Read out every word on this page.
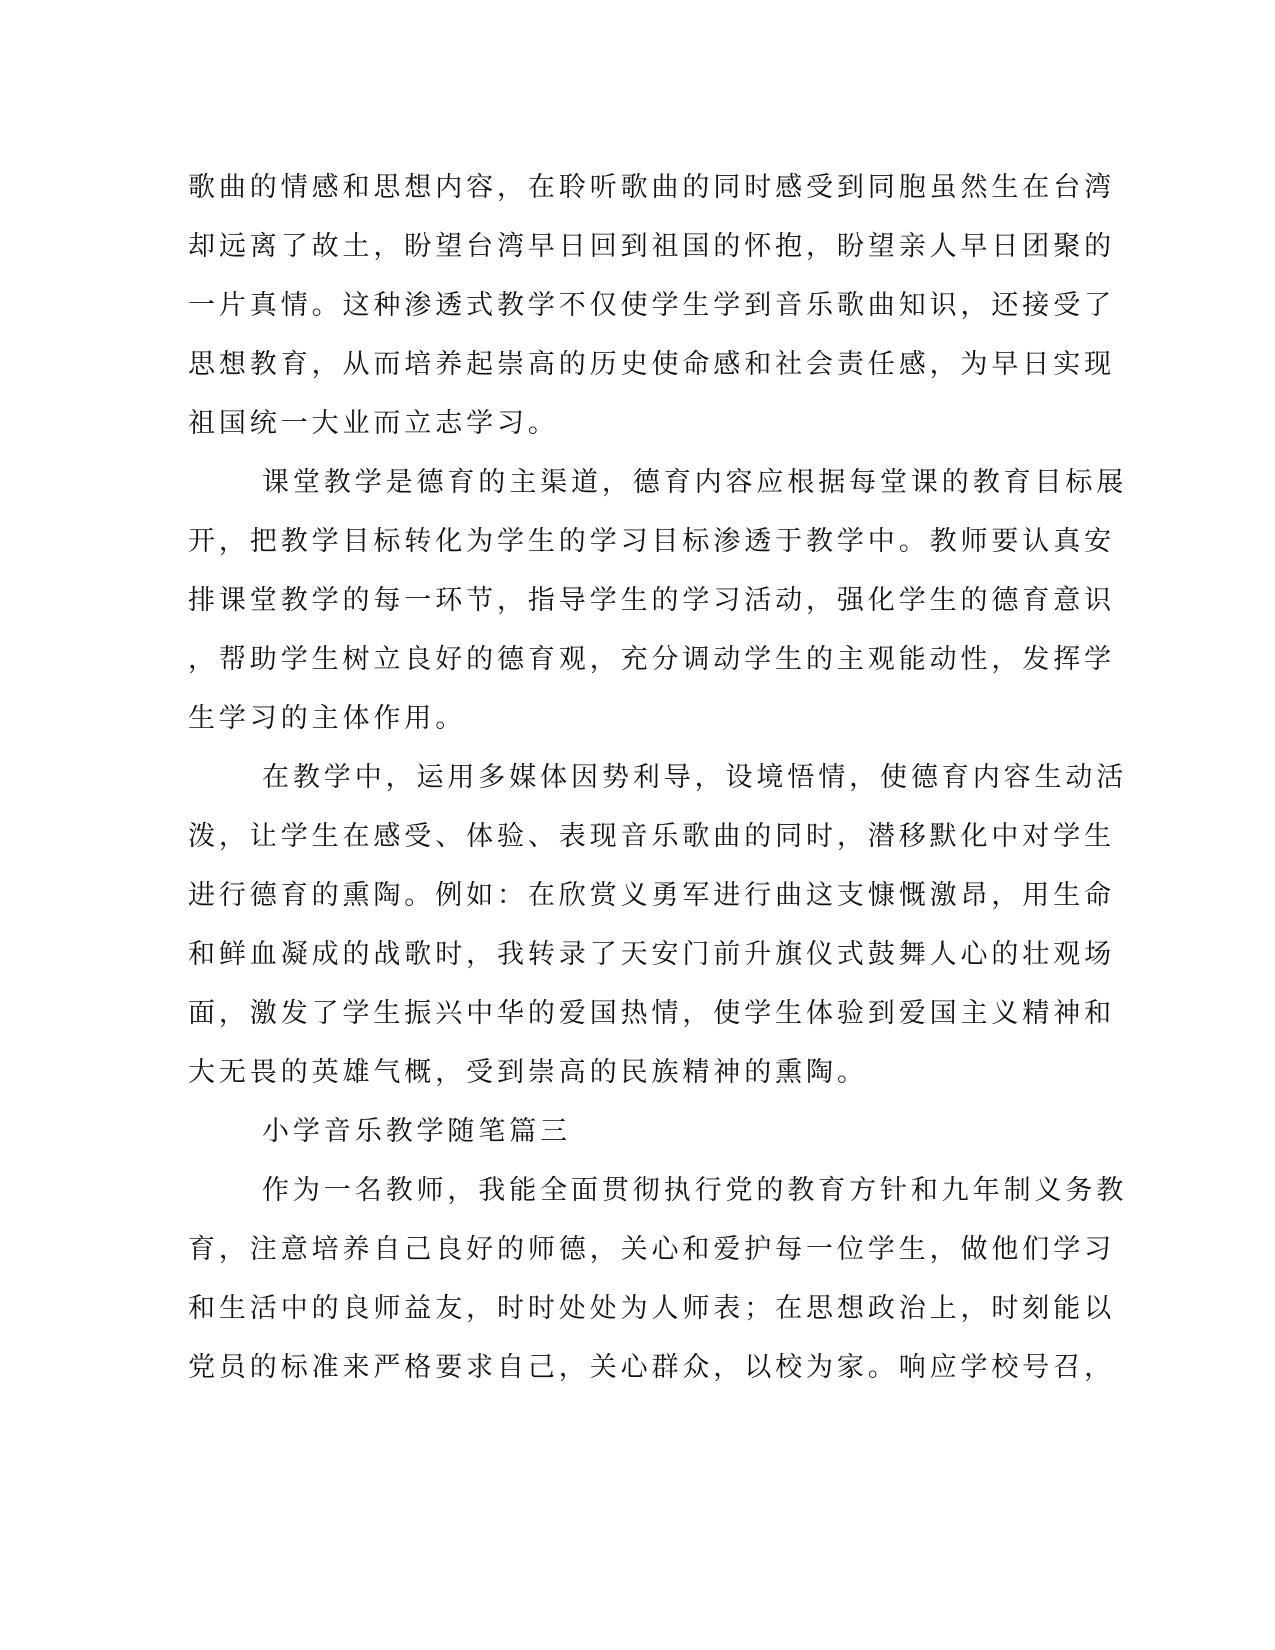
歌曲的情感和思想内容，在聆听歌曲的同时感受到同胞虽然生在台湾
却远离了故土，盼望台湾早日回到祖国的怀抱，盼望亲人早日团聚的
一片真情。这种渗透式教学不仅使学生学到音乐歌曲知识，还接受了
思想教育，从而培养起崇高的历史使命感和社会责任感，为早日实现
祖国统一大业而立志学习。
课堂教学是德育的主渠道，德育内容应根据每堂课的教育目标展
开，把教学目标转化为学生的学习目标渗透于教学中。教师要认真安
排课堂教学的每一环节，指导学生的学习活动，强化学生的德育意识
，帮助学生树立良好的德育观，充分调动学生的主观能动性，发挥学
生学习的主体作用。
在教学中，运用多媒体因势利导，设境悟情，使德育内容生动活
泼，让学生在感受、体验、表现音乐歌曲的同时，潜移默化中对学生
进行德育的熏陶。例如：在欣赏义勇军进行曲这支慷慨激昂，用生命
和鲜血凝成的战歌时，我转录了天安门前升旗仪式鼓舞人心的壮观场
面，激发了学生振兴中华的爱国热情，使学生体验到爱国主义精神和
大无畏的英雄气概，受到崇高的民族精神的熏陶。
小学音乐教学随笔篇三
作为一名教师，我能全面贯彻执行党的教育方针和九年制义务教
育，注意培养自己良好的师德，关心和爱护每一位学生，做他们学习
和生活中的良师益友，时时处处为人师表；在思想政治上，时刻能以
党员的标准来严格要求自己，关心群众，以校为家。响应学校号召，
